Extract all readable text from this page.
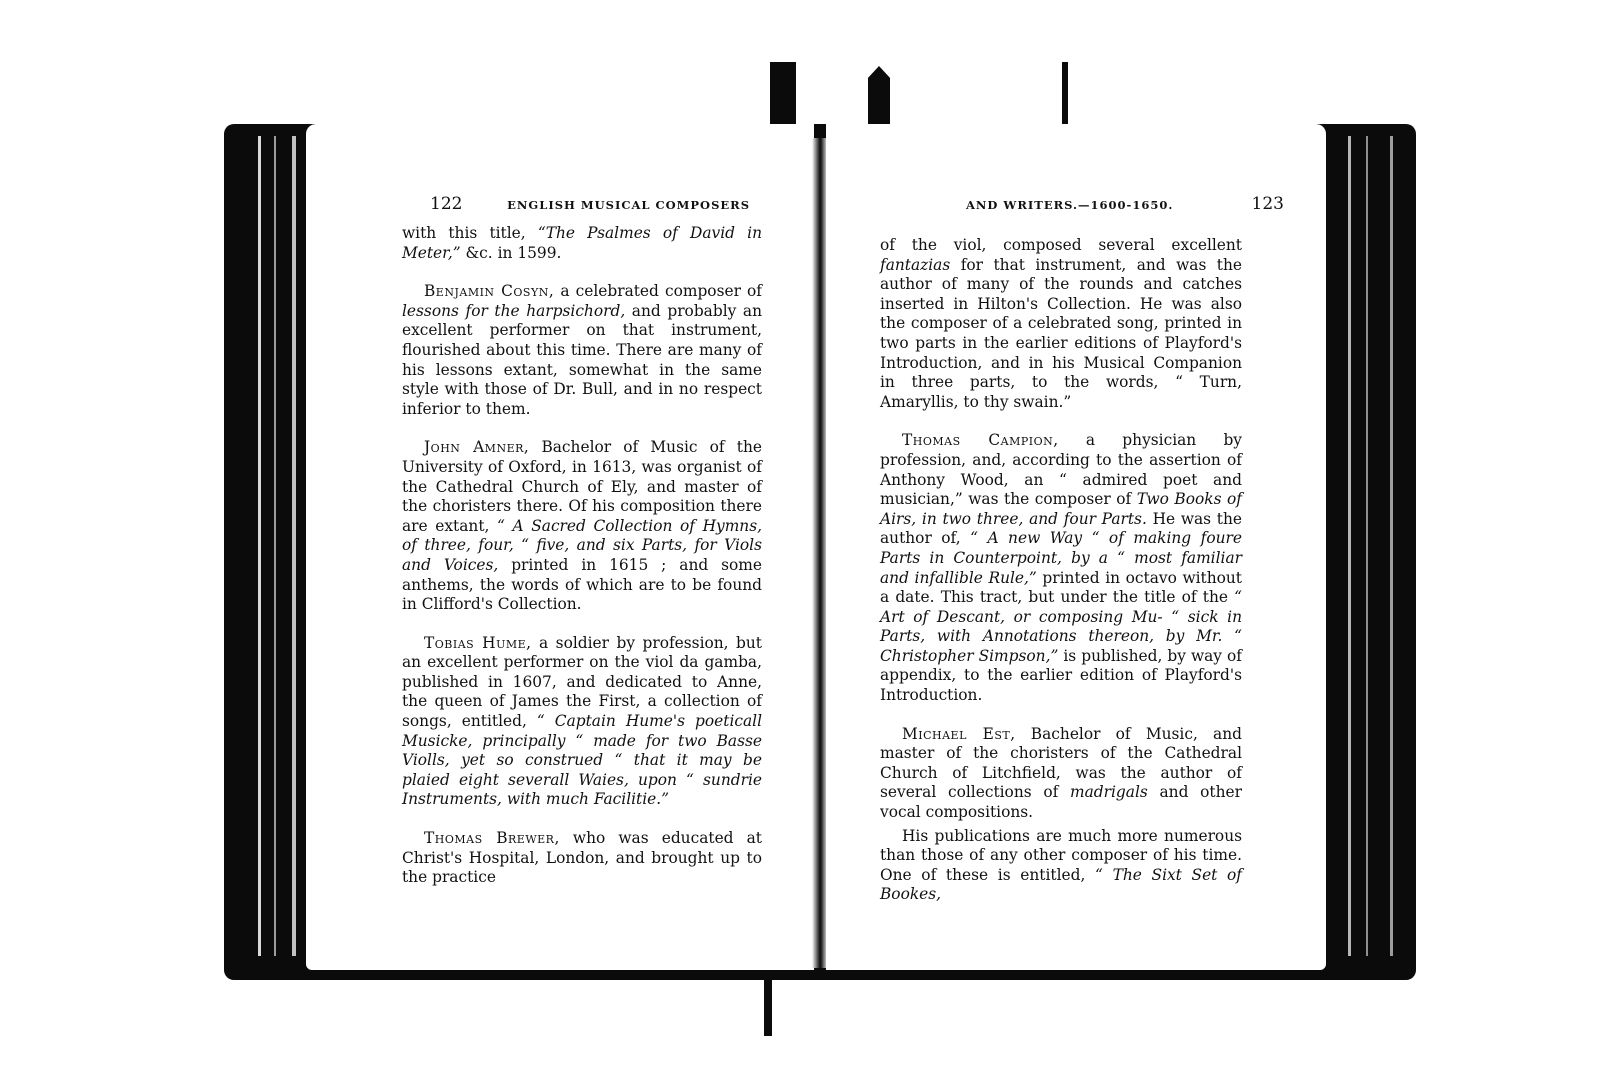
122	ENGLISH MUSICAL COMPOSERS

with this title, “The Psalmes of David in Meter,” &c. in 1599.

Benjamin Cosyn, a celebrated composer of lessons for the harpsichord, and probably an excellent performer on that instrument, flourished about this time. There are many of his lessons extant, somewhat in the same style with those of Dr. Bull, and in no respect inferior to them.

John Amner, Bachelor of Music of the University of Oxford, in 1613, was organist of the Cathedral Church of Ely, and master of the choristers there. Of his composition there are extant, “ A Sacred Collection of Hymns, of three, four, “ five, and six Parts, for Viols and Voices, printed in 1615 ; and some anthems, the words of which are to be found in Clifford's Collection.

Tobias Hume, a soldier by profession, but an excellent performer on the viol da gamba, published in 1607, and dedicated to Anne, the queen of James the First, a collection of songs, entitled, “ Captain Hume's poeticall Musicke, principally “ made for two Basse Violls, yet so construed “ that it may be plaied eight severall Waies, upon “ sundrie Instruments, with much Facilitie.”

Thomas Brewer, who was educated at Christ's Hospital, London, and brought up to the practice

AND WRITERS.—1600-1650.	123

of the viol, composed several excellent fantazias for that instrument, and was the author of many of the rounds and catches inserted in Hilton's Collection. He was also the composer of a celebrated song, printed in two parts in the earlier editions of Playford's Introduction, and in his Musical Companion in three parts, to the words, “ Turn, Amaryllis, to thy swain.”

Thomas Campion, a physician by profession, and, according to the assertion of Anthony Wood, an “ admired poet and musician,” was the composer of Two Books of Airs, in two three, and four Parts. He was the author of, “ A new Way “ of making foure Parts in Counterpoint, by a “ most familiar and infallible Rule,” printed in octavo without a date. This tract, but under the title of the “ Art of Descant, or composing Mu- “ sick in Parts, with Annotations thereon, by Mr. “ Christopher Simpson,” is published, by way of appendix, to the earlier edition of Playford's Introduction.

Michael Est, Bachelor of Music, and master of the choristers of the Cathedral Church of Litchfield, was the author of several collections of madrigals and other vocal compositions.

His publications are much more numerous than those of any other composer of his time. One of these is entitled, “ The Sixt Set of Bookes,
